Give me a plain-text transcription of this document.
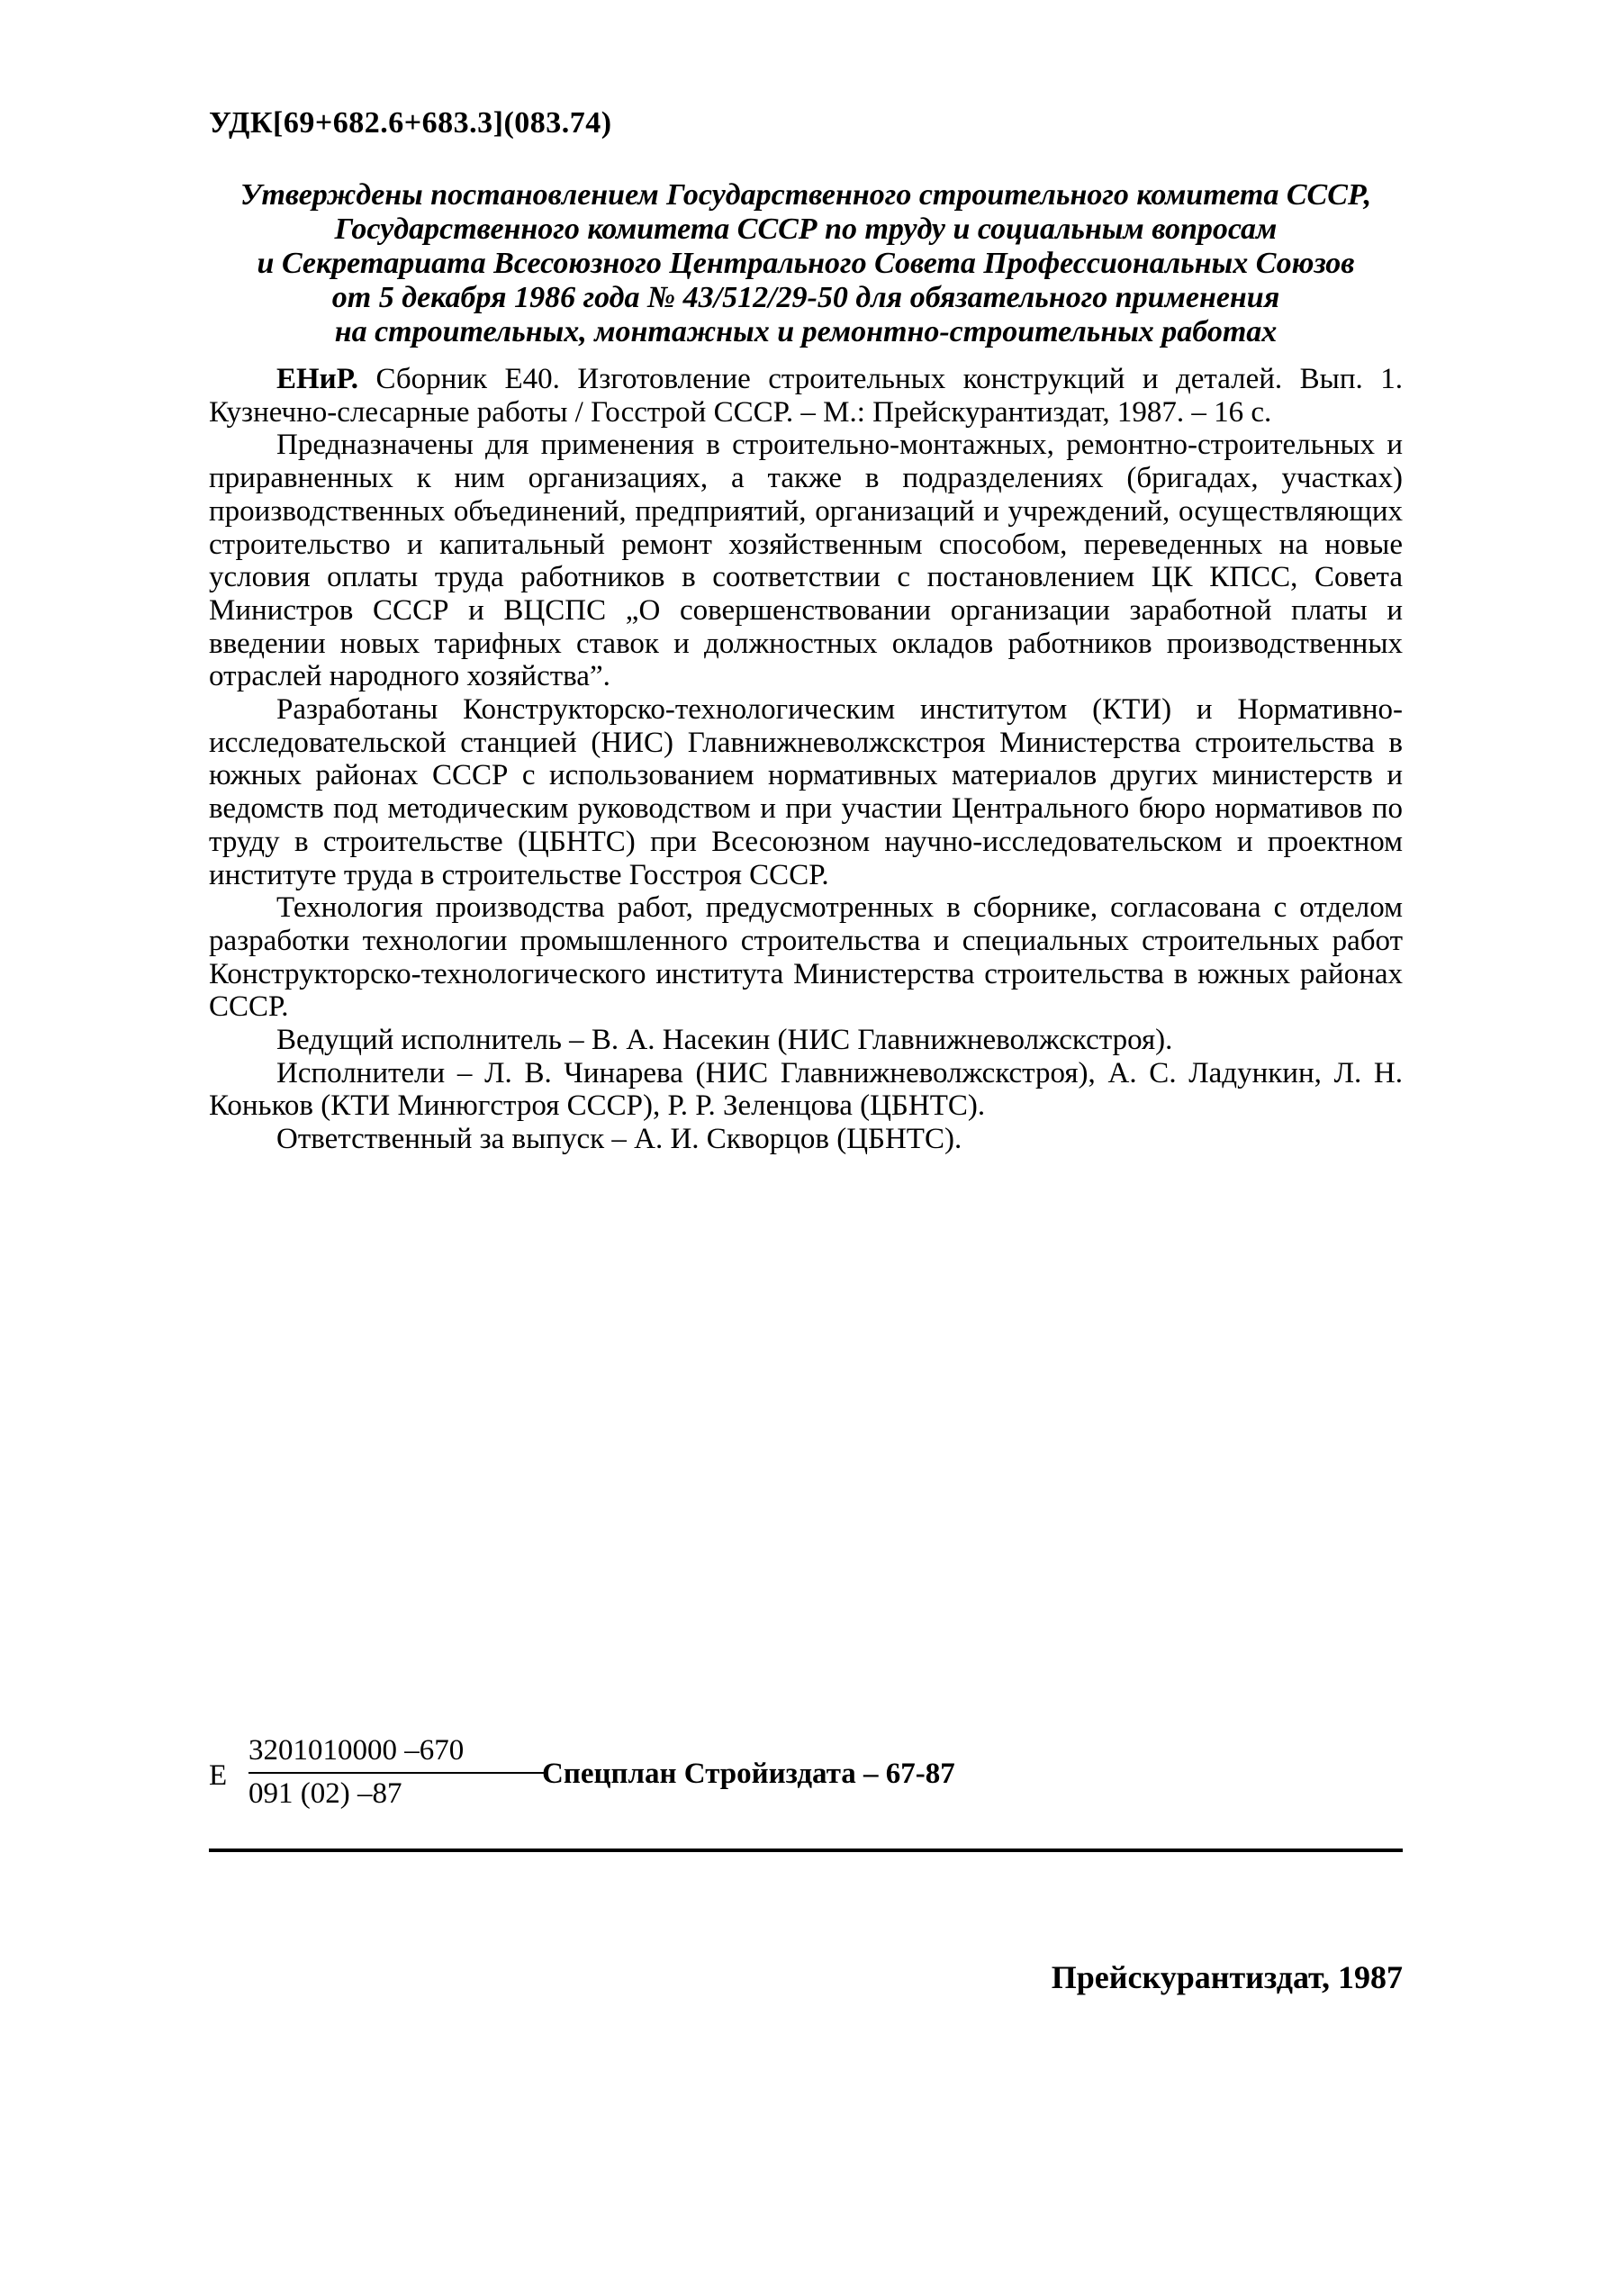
УДК[69+682.6+683.3](083.74)
Утверждены постановлением Государственного строительного комитета СССР,
Государственного комитета СССР по труду и социальным вопросам
и Секретариата Всесоюзного Центрального Совета Профессиональных Союзов
от 5 декабря 1986 года № 43/512/29-50 для обязательного применения
на строительных, монтажных и ремонтно-строительных работах

ЕНиР. Сборник Е40. Изготовление строительных конструкций и деталей. Вып. 1. Кузнечно-слесарные работы / Госстрой СССР. – М.: Прейскурантиздат, 1987. – 16 с.

Предназначены для применения в строительно-монтажных, ремонтно-строительных и приравненных к ним организациях, а также в подразделениях (бригадах, участках) производственных объединений, предприятий, организаций и учреждений, осуществляющих строительство и капитальный ремонт хозяйственным способом, переведенных на новые условия оплаты труда работников в соответствии с постановлением ЦК КПСС, Совета Министров СССР и ВЦСПС „О совершенствовании организации заработной платы и введении новых тарифных ставок и должностных окладов работников производственных отраслей народного хозяйства”.

Разработаны Конструкторско-технологическим институтом (КТИ) и Нормативно-исследовательской станцией (НИС) Главнижневолжскстроя Министерства строительства в южных районах СССР с использованием нормативных материалов других министерств и ведомств под методическим руководством и при участии Центрального бюро нормативов по труду в строительстве (ЦБНТС) при Всесоюзном научно-исследовательском и проектном институте труда в строительстве Госстроя СССР.

Технология производства работ, предусмотренных в сборнике, согласована с отделом разработки технологии промышленного строительства и специальных строительных работ Конструкторско-технологического института Министерства строительства в южных районах СССР.

Ведущий исполнитель – В. А. Насекин (НИС Главнижневолжскстроя).

Исполнители – Л. В. Чинарева (НИС Главнижневолжскстроя), А. С. Ладункин, Л. Н. Коньков (КТИ Минюгстроя СССР), Р. Р. Зеленцова (ЦБНТС).

Ответственный за выпуск – А. И. Скворцов (ЦБНТС).

Е
3201010000 –670
091 (02) –87
Спецплан Стройиздата – 67-87
Прейскурантиздат, 1987
